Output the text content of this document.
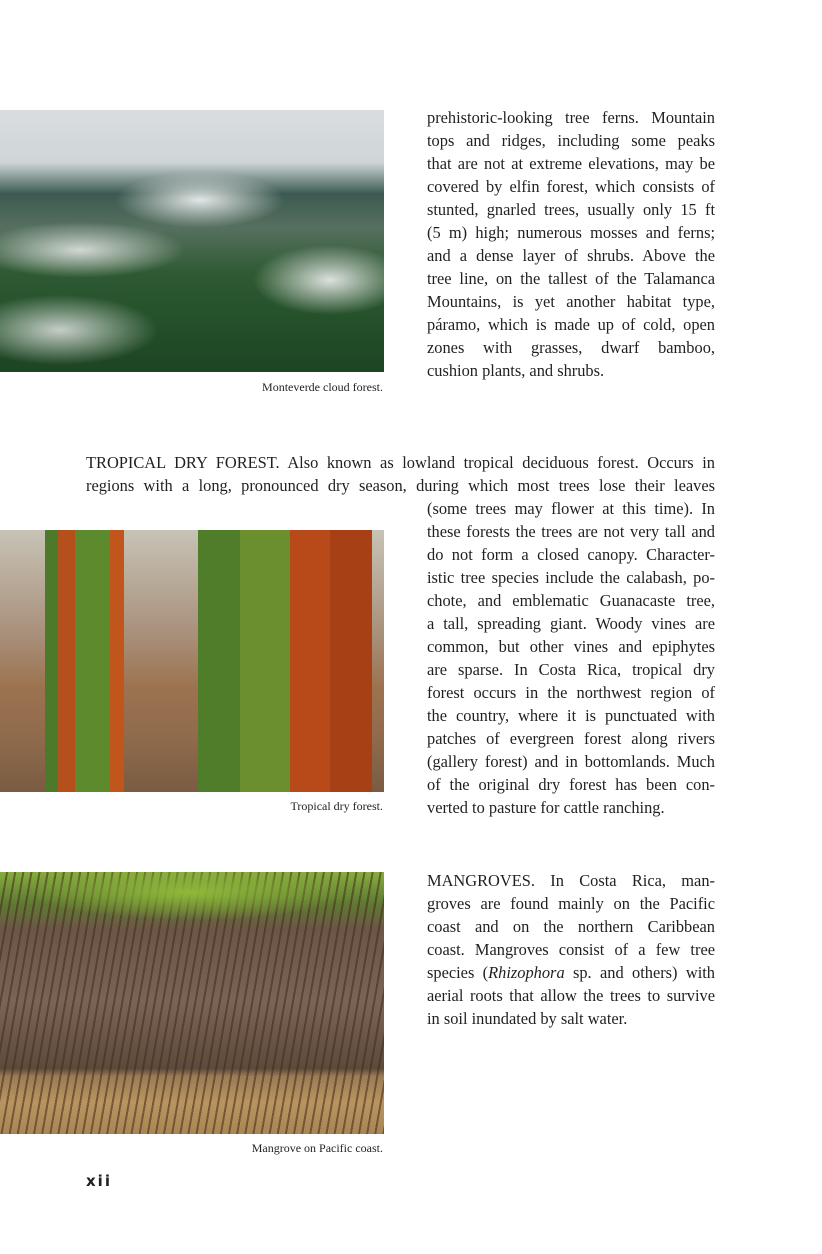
Monteverde cloud forest.
prehistoric-looking tree ferns. Mountain
tops and ridges, including some peaks
that are not at extreme elevations, may be
covered by elfin forest, which consists of
stunted, gnarled trees, usually only 15 ft
(5 m) high; numerous mosses and ferns;
and a dense layer of shrubs. Above the
tree line, on the tallest of the Talamanca
Mountains, is yet another habitat type,
páramo, which is made up of cold, open
zones with grasses, dwarf bamboo,
cushion plants, and shrubs.
TROPICAL DRY FOREST. Also known as lowland tropical deciduous forest. Occurs in regions with a long, pronounced dry season, during which most trees lose their leaves
Tropical dry forest.
(some trees may flower at this time). In
these forests the trees are not very tall and
do not form a closed canopy. Character-
istic tree species include the calabash, po-
chote, and emblematic Guanacaste tree,
a tall, spreading giant. Woody vines are
common, but other vines and epiphytes
are sparse. In Costa Rica, tropical dry
forest occurs in the northwest region of
the country, where it is punctuated with
patches of evergreen forest along rivers
(gallery forest) and in bottomlands. Much
of the original dry forest has been con-
verted to pasture for cattle ranching.
Mangrove on Pacific coast.
MANGROVES. In Costa Rica, man-
groves are found mainly on the Pacific
coast and on the northern Caribbean
coast. Mangroves consist of a few tree
species (Rhizophora sp. and others) with
aerial roots that allow the trees to survive
in soil inundated by salt water.
xii
